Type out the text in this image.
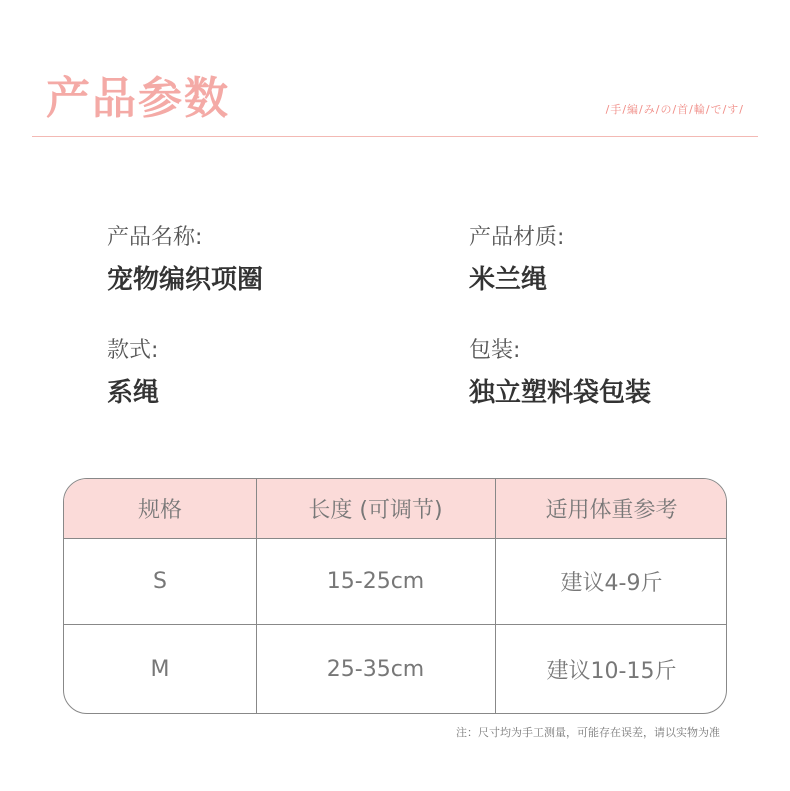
产品参数	/手/編/み/の/首/輪/で/す/
产品名称:
宠物编织项圈
产品材质:
米兰绳
款式:
系绳
包装:
独立塑料袋包装
规格	长度 (可调节)	适用体重参考
S	15-25cm	建议4-9斤
M	25-35cm	建议10-15斤
注：尺寸均为手工测量，可能存在误差，请以实物为准
